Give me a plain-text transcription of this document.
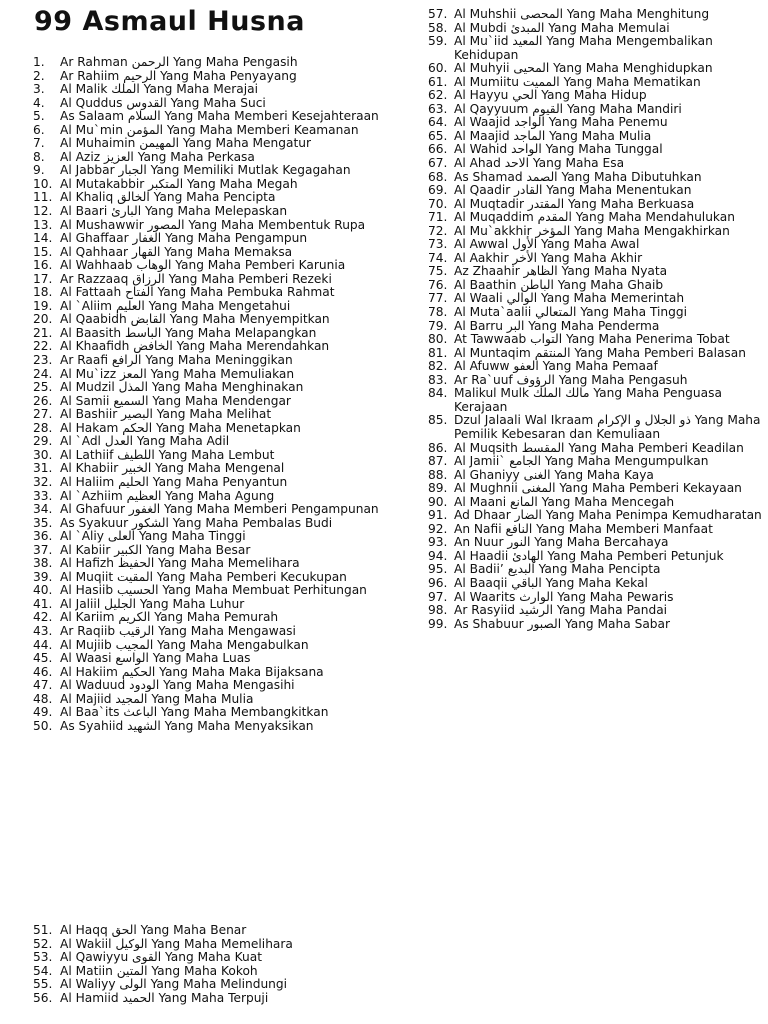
99 Asmaul Husna
1.	Ar Rahman الرحمن Yang Maha Pengasih
2.	Ar Rahiim الرحيم Yang Maha Penyayang
3.	Al Malik الملك Yang Maha Merajai
4.	Al Quddus القدوس Yang Maha Suci
5.	As Salaam السلام Yang Maha Memberi Kesejahteraan
6.	Al Mu`min المؤمن Yang Maha Memberi Keamanan
7.	Al Muhaimin المهيمن Yang Maha Mengatur
8.	Al Aziz العزيز Yang Maha Perkasa
9.	Al Jabbar الجبار Yang Memiliki Mutlak Kegagahan
10. Al Mutakabbir المتكبر Yang Maha Megah
11. Al Khaliq الخالق Yang Maha Pencipta
12. Al Baari البارئ Yang Maha Melepaskan
13. Al Mushawwir المصور Yang Maha Membentuk Rupa
14. Al Ghaffaar الغفار Yang Maha Pengampun
15. Al Qahhaar القهار Yang Maha Memaksa
16. Al Wahhaab الوهاب Yang Maha Pemberi Karunia
17. Ar Razzaaq الرزاق Yang Maha Pemberi Rezeki
18. Al Fattaah الفتاح Yang Maha Pembuka Rahmat
19. Al `Aliim العليم Yang Maha Mengetahui
20. Al Qaabidh القابض Yang Maha Menyempitkan
21. Al Baasith الباسط Yang Maha Melapangkan
22. Al Khaafidh الخافض Yang Maha Merendahkan
23. Ar Raafi الرافع Yang Maha Meninggikan
24. Al Mu`izz المعز Yang Maha Memuliakan
25. Al Mudzil المذل Yang Maha Menghinakan
26. Al Samii السميع Yang Maha Mendengar
27. Al Bashiir البصير Yang Maha Melihat
28. Al Hakam الحكم Yang Maha Menetapkan
29. Al `Adl العدل Yang Maha Adil
30. Al Lathiif اللطيف Yang Maha Lembut
31. Al Khabiir الخبير Yang Maha Mengenal
32. Al Haliim الحليم Yang Maha Penyantun
33. Al `Azhiim العظيم Yang Maha Agung
34. Al Ghafuur الغفور Yang Maha Memberi Pengampunan
35. As Syakuur الشكور Yang Maha Pembalas Budi
36. Al `Aliy العلى Yang Maha Tinggi
37. Al Kabiir الكبير Yang Maha Besar
38. Al Hafizh الحفيظ Yang Maha Memelihara
39. Al Muqiit المقيت Yang Maha Pemberi Kecukupan
40. Al Hasiib الحسيب Yang Maha Membuat Perhitungan
41. Al Jaliil الجليل Yang Maha Luhur
42. Al Kariim الكريم Yang Maha Pemurah
43. Ar Raqiib الرقيب Yang Maha Mengawasi
44. Al Mujiib المجيب Yang Maha Mengabulkan
45. Al Waasi الواسع Yang Maha Luas
46. Al Hakiim الحكيم Yang Maha Maka Bijaksana
47. Al Waduud الودود Yang Maha Mengasihi
48. Al Majiid المجيد Yang Maha Mulia
49. Al Baa`its الباعث Yang Maha Membangkitkan
50. As Syahiid الشهيد Yang Maha Menyaksikan
51. Al Haqq الحق Yang Maha Benar
52. Al Wakiil الوكيل Yang Maha Memelihara
53. Al Qawiyyu القوى Yang Maha Kuat
54. Al Matiin المتين Yang Maha Kokoh
55. Al Waliyy الولى Yang Maha Melindungi
56. Al Hamiid الحميد Yang Maha Terpuji
57. Al Muhshii المحصى Yang Maha Menghitung
58. Al Mubdi المبدئ Yang Maha Memulai
59. Al Mu`iid المعيد Yang Maha Mengembalikan Kehidupan
60. Al Muhyii المحيى Yang Maha Menghidupkan
61. Al Mumiitu المميت Yang Maha Mematikan
62. Al Hayyu الحي Yang Maha Hidup
63. Al Qayyuum القيوم Yang Maha Mandiri
64. Al Waajid الواجد Yang Maha Penemu
65. Al Maajid الماجد Yang Maha Mulia
66. Al Wahid الواحد Yang Maha Tunggal
67. Al Ahad الاحد Yang Maha Esa
68. As Shamad الصمد Yang Maha Dibutuhkan
69. Al Qaadir القادر Yang Maha Menentukan
70. Al Muqtadir المقتدر Yang Maha Berkuasa
71. Al Muqaddim المقدم Yang Maha Mendahulukan
72. Al Mu`akkhir المؤخر Yang Maha Mengakhirkan
73. Al Awwal الأول Yang Maha Awal
74. Al Aakhir الأخر Yang Maha Akhir
75. Az Zhaahir الظاهر Yang Maha Nyata
76. Al Baathin الباطن Yang Maha Ghaib
77. Al Waali الوالي Yang Maha Memerintah
78. Al Muta`aalii المتعالي Yang Maha Tinggi
79. Al Barru البر Yang Maha Penderma
80. At Tawwaab التواب Yang Maha Penerima Tobat
81. Al Muntaqim المنتقم Yang Maha Pemberi Balasan
82. Al Afuww العفو Yang Maha Pemaaf
83. Ar Ra`uuf الرؤوف Yang Maha Pengasuh
84. Malikul Mulk مالك الملك Yang Maha Penguasa Kerajaan
85. Dzul Jalaali Wal Ikraam ذو الجلال و الإكرام Yang Maha Pemilik Kebesaran dan Kemuliaan
86. Al Muqsith المقسط Yang Maha Pemberi Keadilan
87. Al Jamii` الجامع Yang Maha Mengumpulkan
88. Al Ghaniyy الغنى Yang Maha Kaya
89. Al Mughnii المغنى Yang Maha Pemberi Kekayaan
90. Al Maani المانع Yang Maha Mencegah
91. Ad Dhaar الضار Yang Maha Penimpa Kemudharatan
92. An Nafii النافع Yang Maha Memberi Manfaat
93. An Nuur النور Yang Maha Bercahaya
94. Al Haadii الهادئ Yang Maha Pemberi Petunjuk
95. Al Badii’ البديع Yang Maha Pencipta
96. Al Baaqii الباقي Yang Maha Kekal
97. Al Waarits الوارث Yang Maha Pewaris
98. Ar Rasyiid الرشيد Yang Maha Pandai
99. As Shabuur الصبور Yang Maha Sabar
